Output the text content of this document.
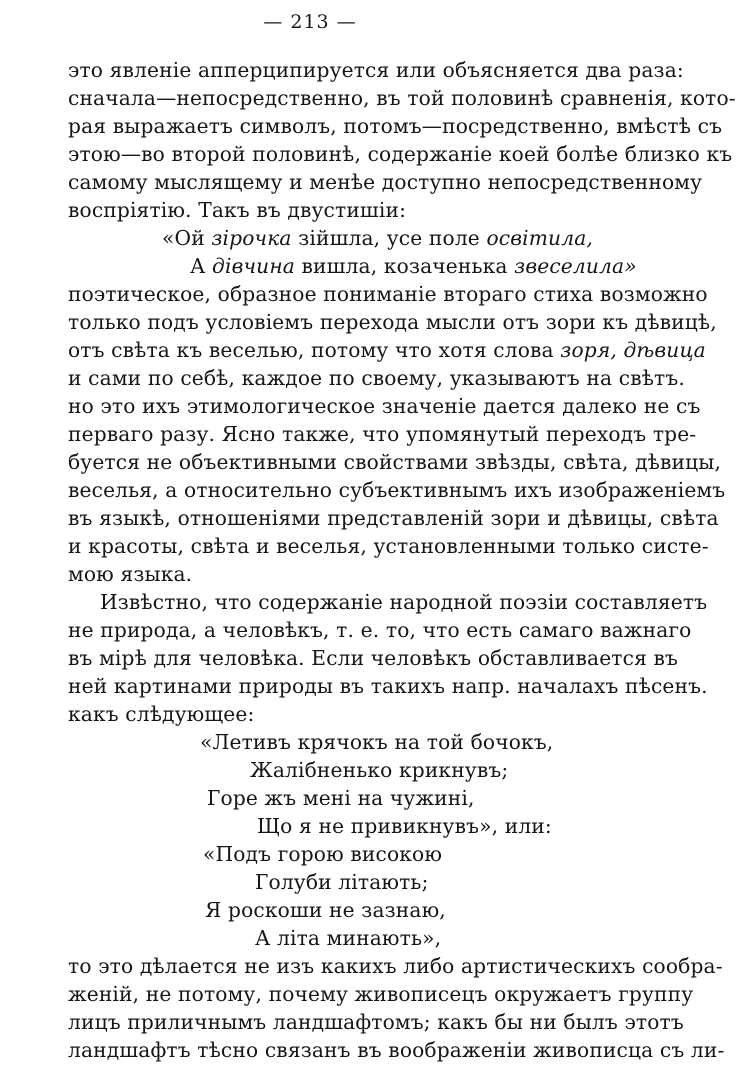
— 213 —
это явленіе апперципируется или объясняется два раза:
сначала—непосредственно, въ той половинѣ сравненія, кото-
рая выражаетъ символъ, потомъ—посредственно, вмѣстѣ съ
этою—во второй половинѣ, содержаніе коей болѣе близко къ
самому мыслящему и менѣе доступно непосредственному
воспріятію. Такъ въ двустишіи:
«Ой зірочка зійшла, усе поле освітила,
А дівчина вишла, козаченька звеселила»
поэтическое, образное пониманіе втораго стиха возможно
только подъ условіемъ перехода мысли отъ зори къ дѣвицѣ,
отъ свѣта къ веселью, потому что хотя слова зоря, дѣвица
и сами по себѣ, каждое по своему, указываютъ на свѣтъ.
но это ихъ этимологическое значеніе дается далеко не съ
перваго разу. Ясно также, что упомянутый переходъ тре-
буется не объективными свойствами звѣзды, свѣта, дѣвицы,
веселья, а относительно субъективнымъ ихъ изображеніемъ
въ языкѣ, отношеніями представленій зори и дѣвицы, свѣта
и красоты, свѣта и веселья, установленными только систе-
мою языка.
Извѣстно, что содержаніе народной поэзіи составляетъ
не природа, а человѣкъ, т. е. то, что есть самаго важнаго
въ мірѣ для человѣка. Если человѣкъ обставливается въ
ней картинами природы въ такихъ напр. началахъ пѣсенъ.
какъ слѣдующее:
«Летивъ крячокъ на той бочокъ,
Жалібненько крикнувъ;
Горе жъ мені на чужині,
Що я не привикнувъ», или:
«Подъ горою високою
Голуби літають;
Я роскоши не зазнаю,
А літа минають»,
то это дѣлается не изъ какихъ либо артистическихъ сообра-
женій, не потому, почему живописецъ окружаетъ группу
лицъ приличнымъ ландшафтомъ; какъ бы ни былъ этотъ
ландшафтъ тѣсно связанъ въ воображеніи живописца съ ли-
